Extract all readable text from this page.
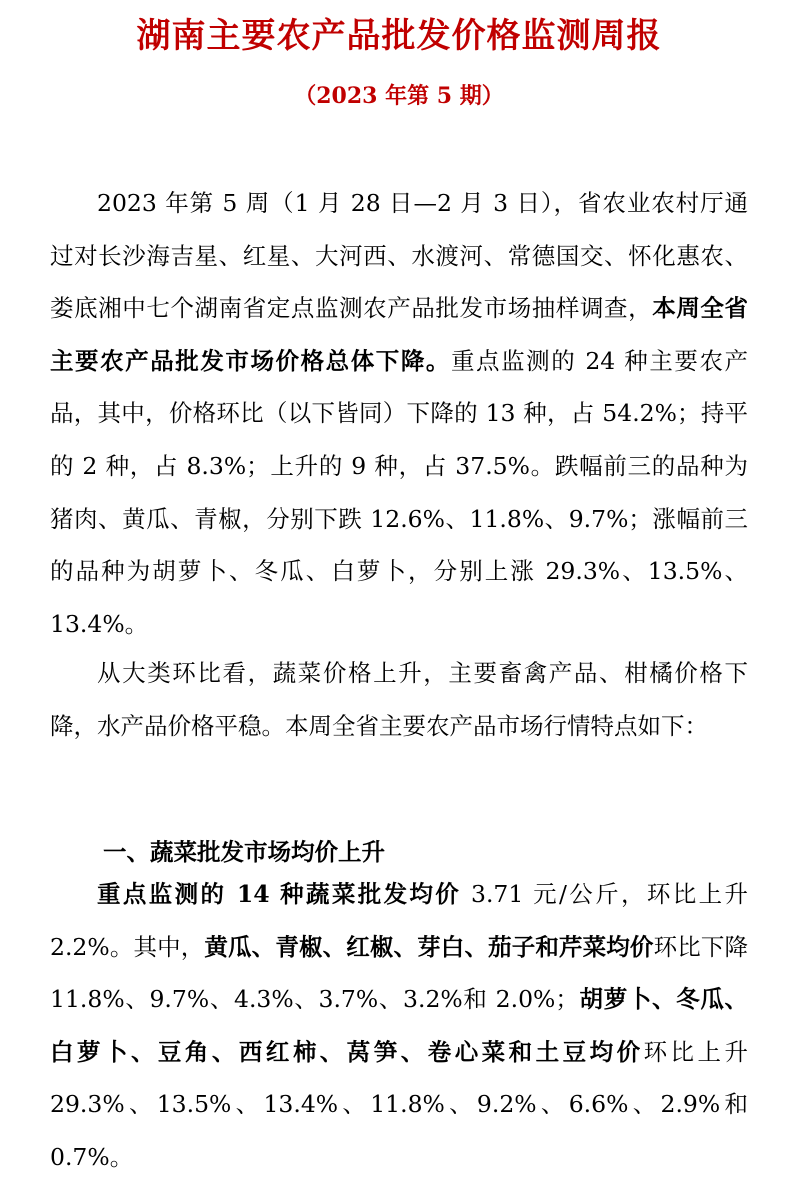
湖南主要农产品批发价格监测周报
（2023 年第 5 期）

2023 年第 5 周（1 月 28 日—2 月 3 日），省农业农村厅通过对长沙海吉星、红星、大河西、水渡河、常德国交、怀化惠农、娄底湘中七个湖南省定点监测农产品批发市场抽样调查，本周全省主要农产品批发市场价格总体下降。重点监测的 24 种主要农产品，其中，价格环比（以下皆同）下降的 13 种，占 54.2%；持平的 2 种，占 8.3%；上升的 9 种，占 37.5%。跌幅前三的品种为猪肉、黄瓜、青椒，分别下跌 12.6%、11.8%、9.7%；涨幅前三的品种为胡萝卜、冬瓜、白萝卜，分别上涨 29.3%、13.5%、13.4%。

从大类环比看，蔬菜价格上升，主要畜禽产品、柑橘价格下降，水产品价格平稳。本周全省主要农产品市场行情特点如下：

一、蔬菜批发市场均价上升

重点监测的 14 种蔬菜批发均价 3.71 元/公斤，环比上升 2.2%。其中，黄瓜、青椒、红椒、芽白、茄子和芹菜均价环比下降 11.8%、9.7%、4.3%、3.7%、3.2%和 2.0%；胡萝卜、冬瓜、白萝卜、豆角、西红柿、莴笋、卷心菜和土豆均价环比上升 29.3%、13.5%、13.4%、11.8%、9.2%、6.6%、2.9%和 0.7%。
